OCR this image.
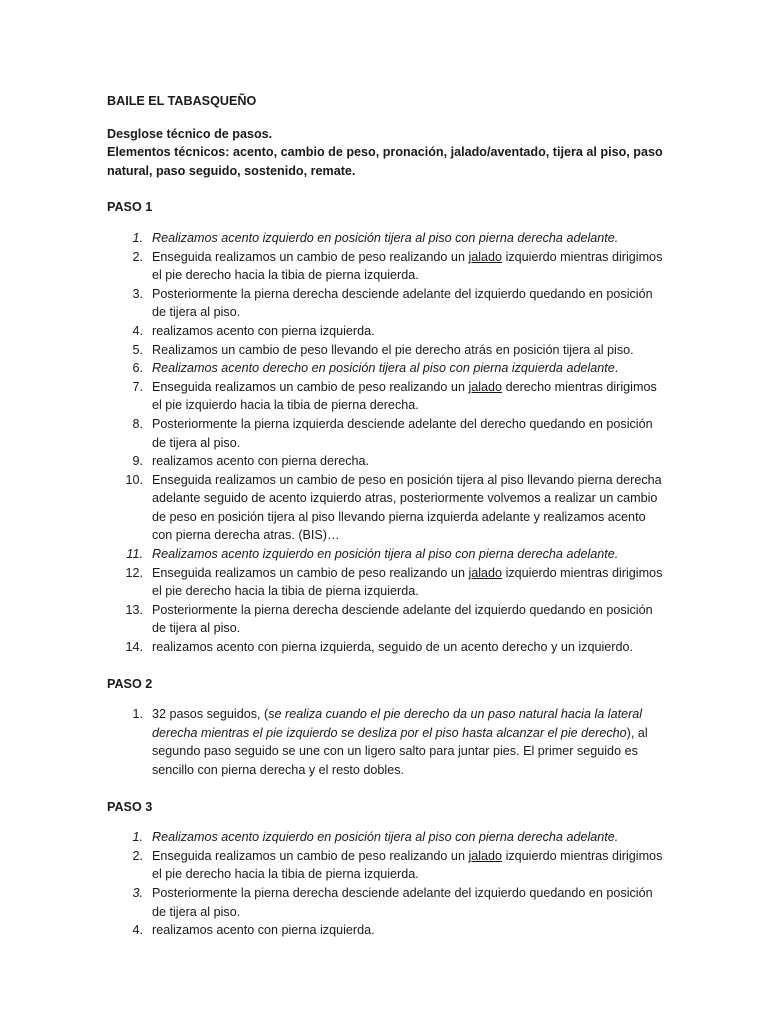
BAILE EL TABASQUEÑO

Desglose técnico de pasos.
Elementos técnicos: acento, cambio de peso, pronación, jalado/aventado, tijera al piso, paso natural, paso seguido, sostenido, remate.

PASO 1

1. Realizamos acento izquierdo en posición tijera al piso con pierna derecha adelante.
2. Enseguida realizamos un cambio de peso realizando un jalado izquierdo mientras dirigimos el pie derecho hacia la tibia de pierna izquierda.
3. Posteriormente la pierna derecha desciende adelante del izquierdo quedando en posición de tijera al piso.
4. realizamos acento con pierna izquierda.
5. Realizamos un cambio de peso llevando el pie derecho atrás en posición tijera al piso.
6. Realizamos acento derecho en posición tijera al piso con pierna izquierda adelante.
7. Enseguida realizamos un cambio de peso realizando un jalado derecho mientras dirigimos el pie izquierdo hacia la tibia de pierna derecha.
8. Posteriormente la pierna izquierda desciende adelante del derecho quedando en posición de tijera al piso.
9. realizamos acento con pierna derecha.
10. Enseguida realizamos un cambio de peso en posición tijera al piso llevando pierna derecha adelante seguido de acento izquierdo atras, posteriormente volvemos a realizar un cambio de peso en posición tijera al piso llevando pierna izquierda adelante y realizamos acento con pierna derecha atras. (BIS)…
11. Realizamos acento izquierdo en posición tijera al piso con pierna derecha adelante.
12. Enseguida realizamos un cambio de peso realizando un jalado izquierdo mientras dirigimos el pie derecho hacia la tibia de pierna izquierda.
13. Posteriormente la pierna derecha desciende adelante del izquierdo quedando en posición de tijera al piso.
14. realizamos acento con pierna izquierda, seguido de un acento derecho y un izquierdo.

PASO 2

1. 32 pasos seguidos, (se realiza cuando el pie derecho da un paso natural hacia la lateral derecha mientras el pie izquierdo se desliza por el piso hasta alcanzar el pie derecho), al segundo paso seguido se une con un ligero salto para juntar pies. El primer seguido es sencillo con pierna derecha y el resto dobles.

PASO 3

1. Realizamos acento izquierdo en posición tijera al piso con pierna derecha adelante.
2. Enseguida realizamos un cambio de peso realizando un jalado izquierdo mientras dirigimos el pie derecho hacia la tibia de pierna izquierda.
3. Posteriormente la pierna derecha desciende adelante del izquierdo quedando en posición de tijera al piso.
4. realizamos acento con pierna izquierda.
